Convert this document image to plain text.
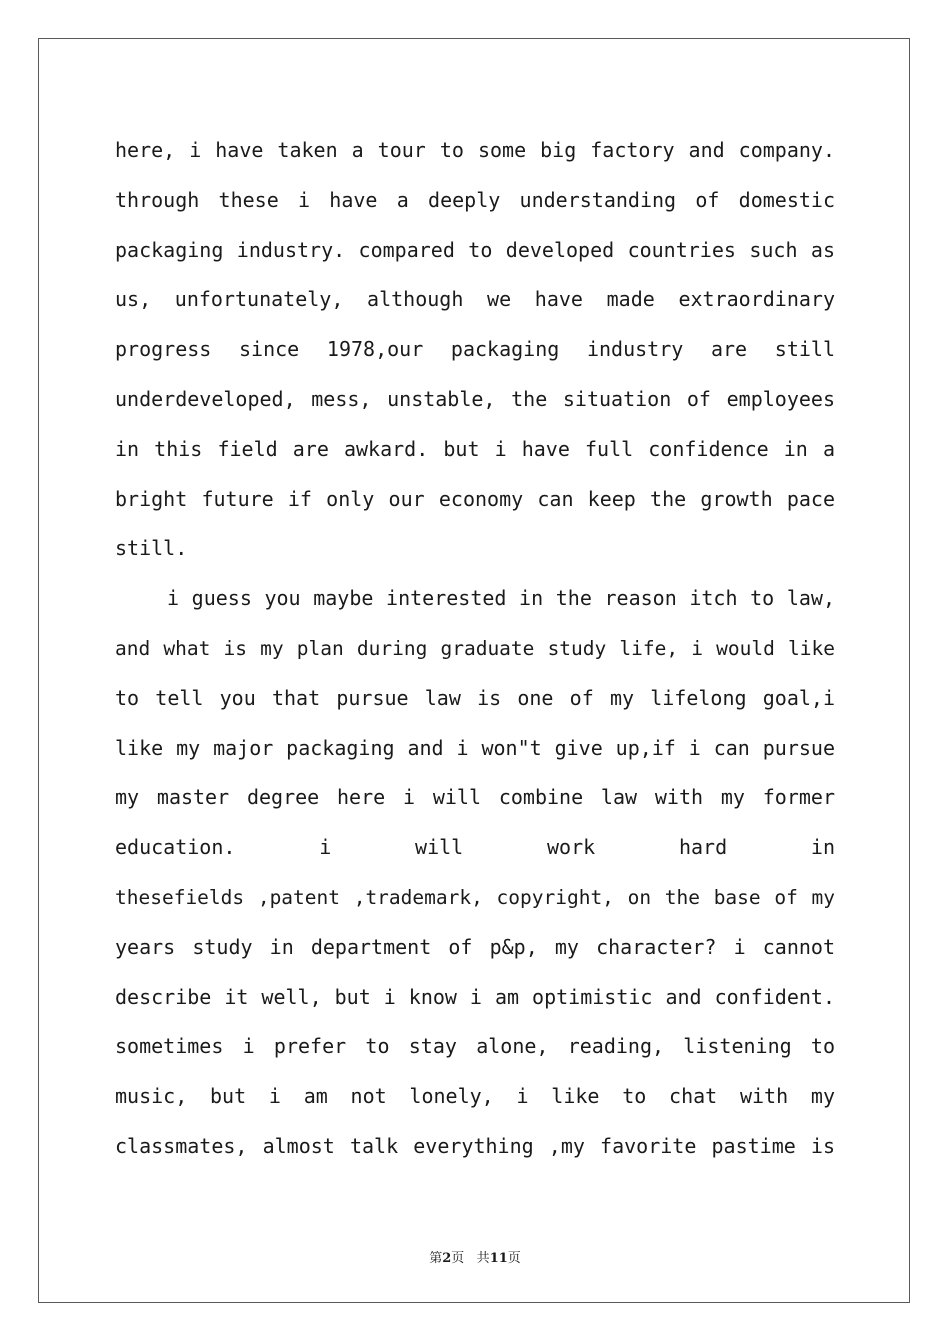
here, i have taken a tour to some big factory and company.
through these i have a deeply understanding of domestic
packaging industry. compared to developed countries such as
us, unfortunately, although we have made extraordinary
progress since 1978,our packaging industry are still
underdeveloped, mess, unstable, the situation of employees
in this field are awkard. but i have full confidence in a
bright future if only our economy can keep the growth pace
still.
i guess you maybe interested in the reason itch to law,
and what is my plan during graduate study life, i would like
to tell you that pursue law is one of my lifelong goal,i
like my major packaging and i won"t give up,if i can pursue
my master degree here i will combine law with my former
education. i will work hard in
thesefields ,patent ,trademark, copyright, on the base of my
years study in department of p&p, my character? i cannot
describe it well, but i know i am optimistic and confident.
sometimes i prefer to stay alone, reading, listening to
music, but i am not lonely, i like to chat with my
classmates, almost talk everything ,my favorite pastime is
第2页 共11页
